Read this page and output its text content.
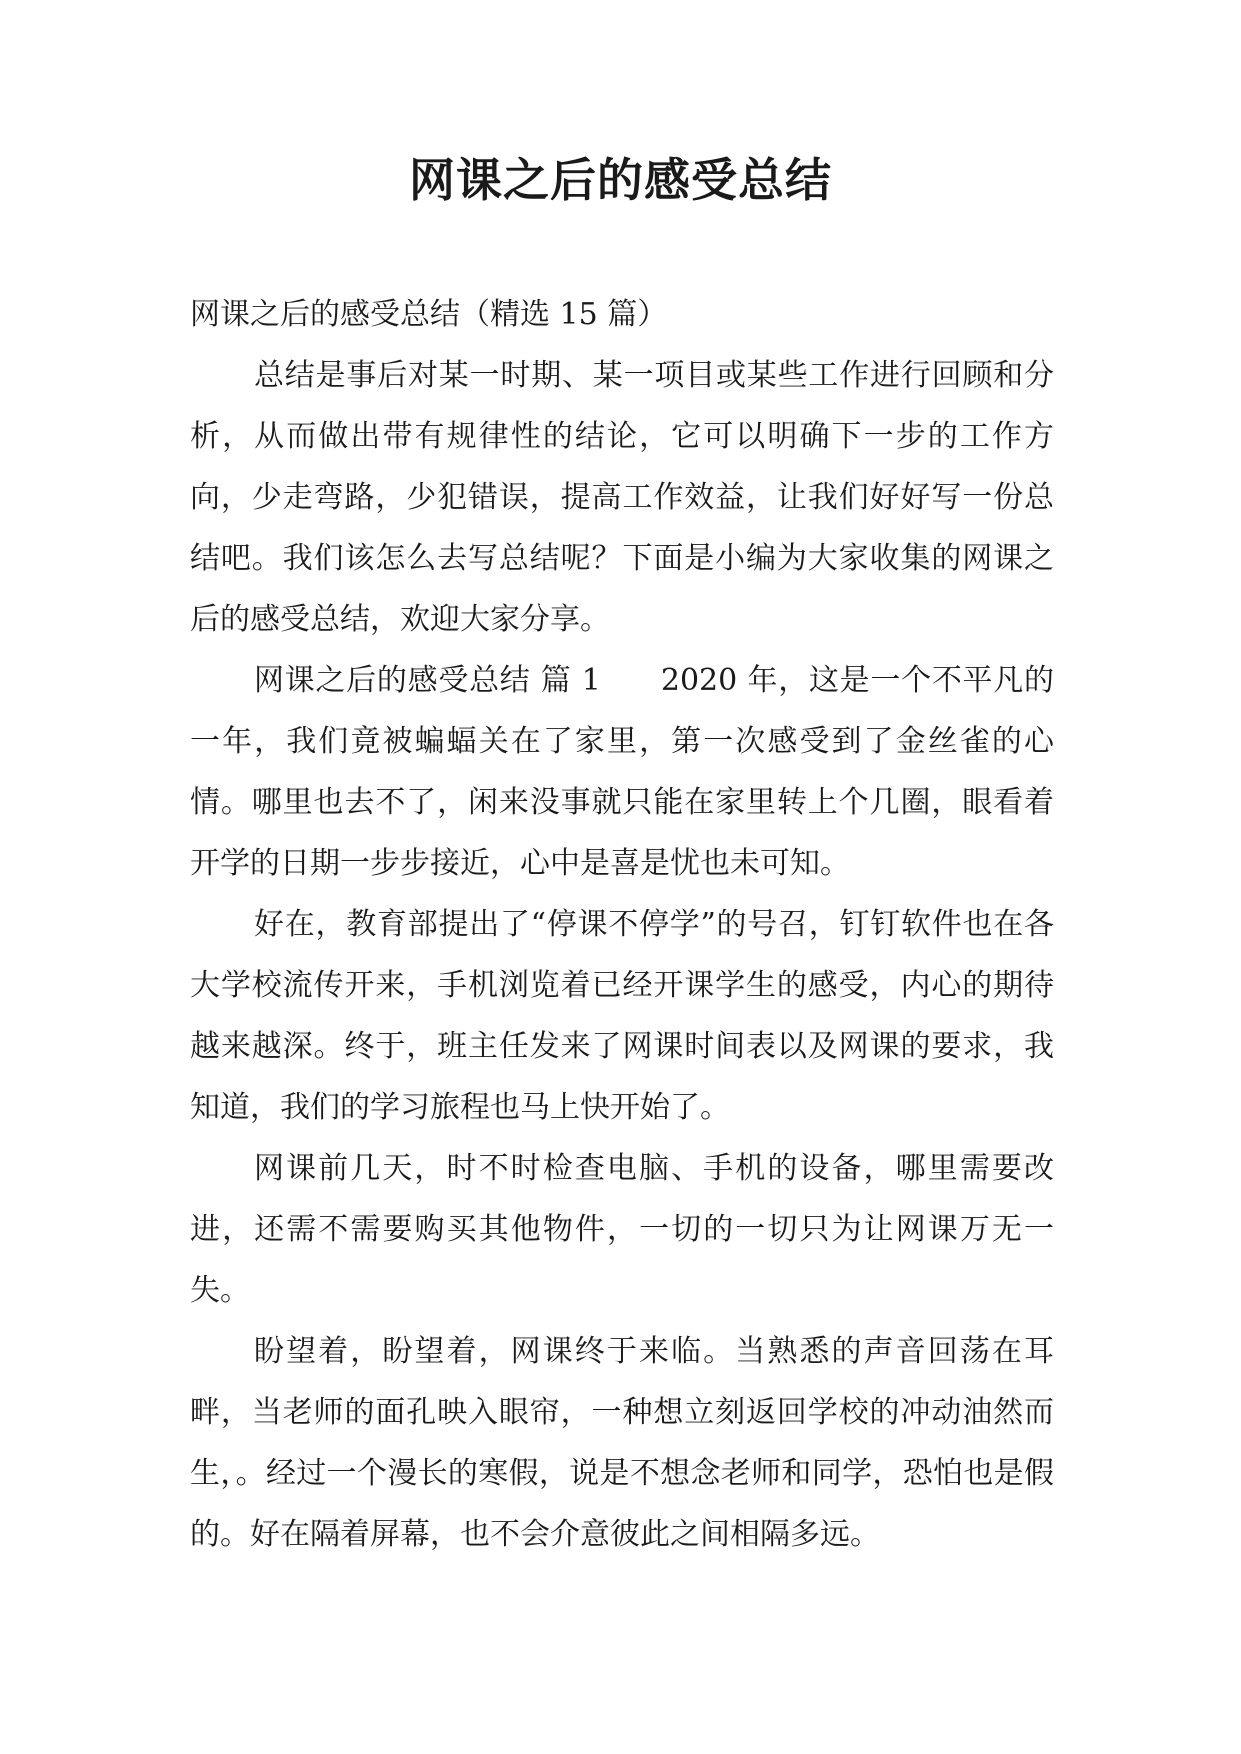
网课之后的感受总结

网课之后的感受总结（精选 15 篇）

总结是事后对某一时期、某一项目或某些工作进行回顾和分析，从而做出带有规律性的结论，它可以明确下一步的工作方向，少走弯路，少犯错误，提高工作效益，让我们好好写一份总结吧。我们该怎么去写总结呢？下面是小编为大家收集的网课之后的感受总结，欢迎大家分享。

网课之后的感受总结 篇 1 2020 年，这是一个不平凡的一年，我们竟被蝙蝠关在了家里，第一次感受到了金丝雀的心情。哪里也去不了，闲来没事就只能在家里转上个几圈，眼看着开学的日期一步步接近，心中是喜是忧也未可知。

好在，教育部提出了“停课不停学”的号召，钉钉软件也在各大学校流传开来，手机浏览着已经开课学生的感受，内心的期待越来越深。终于，班主任发来了网课时间表以及网课的要求，我知道，我们的学习旅程也马上快开始了。

网课前几天，时不时检查电脑、手机的设备，哪里需要改进，还需不需要购买其他物件，一切的一切只为让网课万无一失。

盼望着，盼望着，网课终于来临。当熟悉的声音回荡在耳畔，当老师的面孔映入眼帘，一种想立刻返回学校的冲动油然而生，。经过一个漫长的寒假，说是不想念老师和同学，恐怕也是假的。好在隔着屏幕，也不会介意彼此之间相隔多远。
